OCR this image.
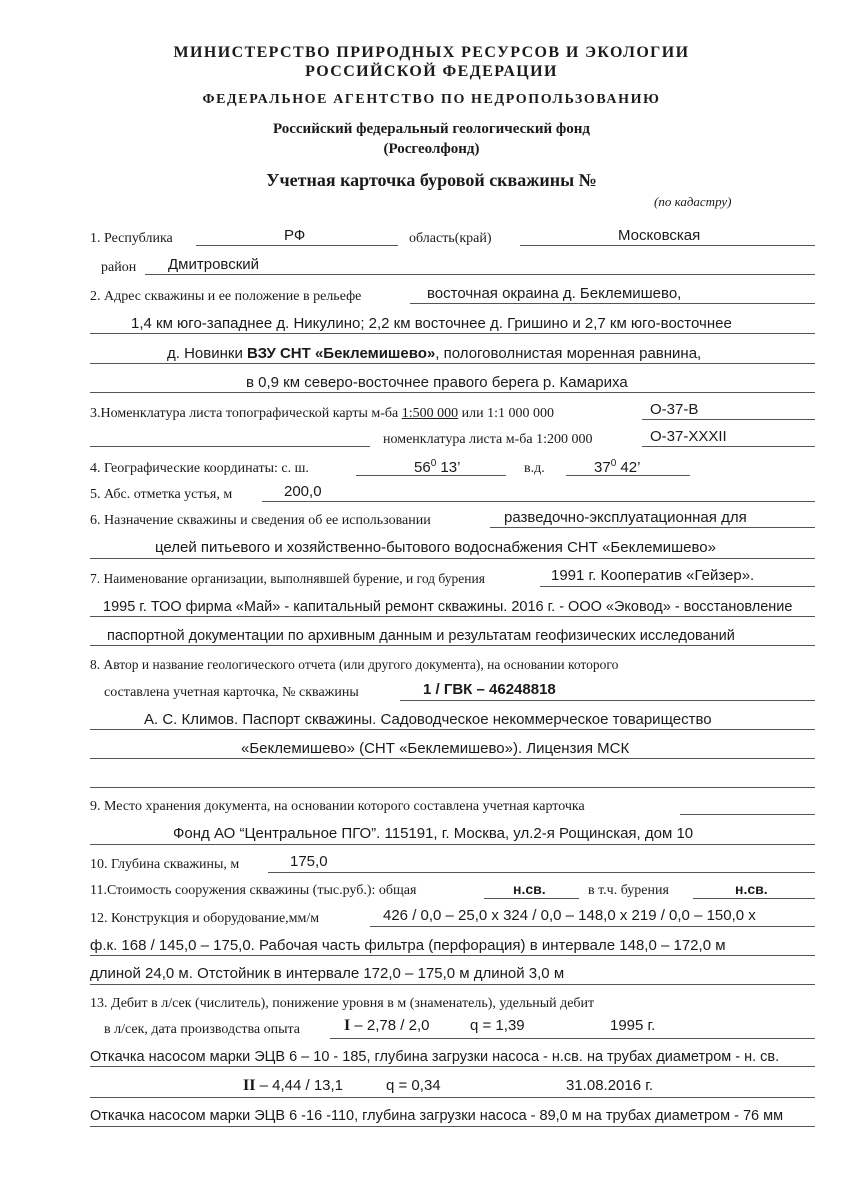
МИНИСТЕРСТВО ПРИРОДНЫХ РЕСУРСОВ И ЭКОЛОГИИ
РОССИЙСКОЙ ФЕДЕРАЦИИ
ФЕДЕРАЛЬНОЕ АГЕНТСТВО ПО НЕДРОПОЛЬЗОВАНИЮ
Российский федеральный геологический фонд
(Росгеолфонд)
Учетная карточка буровой скважины №
(по кадастру)
1. Республика	РФ	область(край)	Московская
район Дмитровский
2. Адрес скважины и ее положение в рельефе	восточная окраина д. Беклемишево,
1,4 км юго-западнее д. Никулино; 2,2 км восточнее д. Гришино и 2,7 км юго-восточнее
д. Новинки ВЗУ СНТ «Беклемишево», пологоволнистая моренная равнина,
в 0,9 км северо-восточнее правого берега р. Камариха
3.Номенклатура листа топографической карты м-ба 1:500 000 или 1:1 000 000	О-37-В
номенклатура листа м-ба 1:200 000	О-37-XXXII
4. Географические координаты: с. ш.	$56^0$ 13’	в.д.	$37^0$ 42’
5. Абс. отметка устья, м	200,0
6. Назначение скважины и сведения об ее использовании	разведочно-эксплуатационная для
целей питьевого и хозяйственно-бытового водоснабжения СНТ «Беклемишево»
7. Наименование организации, выполнявшей бурение, и год бурения	1991 г. Кооператив «Гейзер».
1995 г. ТОО фирма «Май» - капитальный ремонт скважины. 2016 г. - ООО «Эковод» - восстановление
паспортной документации по архивным данным и результатам геофизических исследований
8. Автор и название геологического отчета (или другого документа), на основании которого
составлена учетная карточка, № скважины	1 / ГВК – 46248818
А. С. Климов. Паспорт скважины. Садоводческое некоммерческое товарищество
«Беклемишево» (СНТ «Беклемишево»). Лицензия МСК
9. Место хранения документа, на основании которого составлена учетная карточка
Фонд АО “Центральное ПГО”. 115191, г. Москва, ул.2-я Рощинская, дом 10
10. Глубина скважины, м	175,0
11.Стоимость сооружения скважины (тыс.руб.): общая	н.св.	в т.ч. бурения	н.св.
12. Конструкция и оборудование,мм/м	426 / 0,0 – 25,0 х 324 / 0,0 – 148,0 х 219 / 0,0 – 150,0 х
ф.к. 168 / 145,0 – 175,0. Рабочая часть фильтра (перфорация) в интервале 148,0 – 172,0 м
длиной 24,0 м. Отстойник в интервале 172,0 – 175,0 м длиной 3,0 м
13. Дебит в л/сек (числитель), понижение уровня в м (знаменатель), удельный дебит
в л/сек, дата производства опыта	I – 2,78 / 2,0	q = 1,39	1995 г.
Откачка насосом марки ЭЦВ 6 – 10 - 185, глубина загрузки насоса - н.св. на трубах диаметром - н. св.
II – 4,44 / 13,1	q = 0,34	31.08.2016 г.
Откачка насосом марки ЭЦВ 6 -16 -110, глубина загрузки насоса - 89,0 м на трубах диаметром - 76 мм
